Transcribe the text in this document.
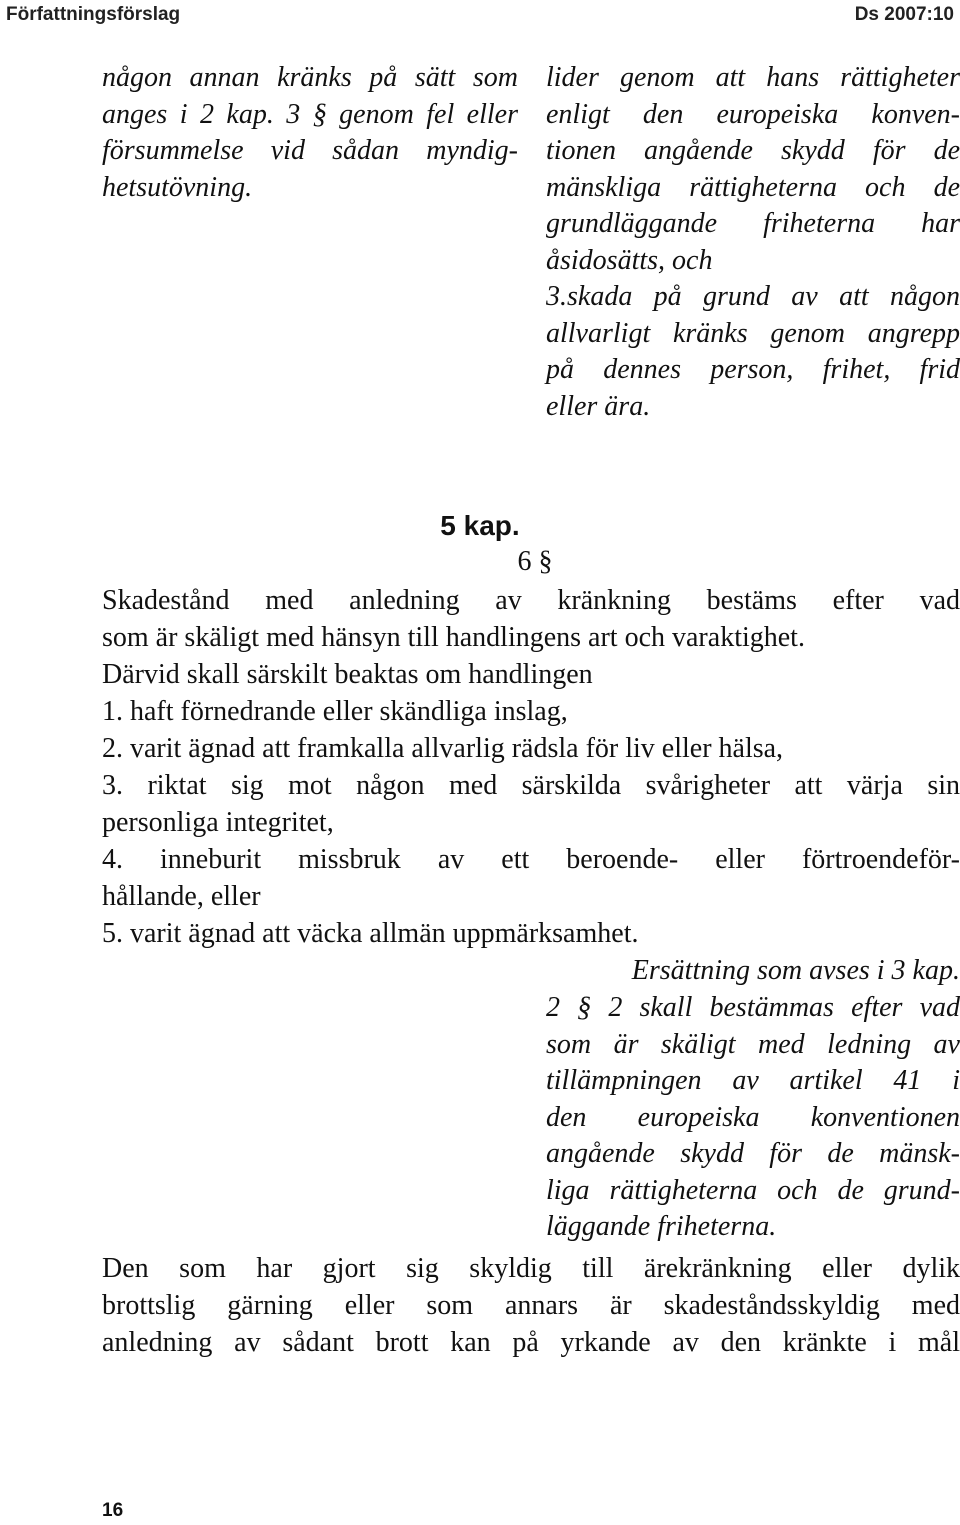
Författningsförslag	Ds 2007:10

någon annan kränks på sätt som

anges i 2 kap. 3 § genom fel eller

försummelse vid sådan myndig-

hetsutövning.

lider genom att hans rättigheter

enligt den europeiska konven-

tionen angående skydd för de

mänskliga rättigheterna och de

grundläggande friheterna har

åsidosätts, och

3.skada på grund av att någon

allvarligt kränks genom angrepp

på dennes person, frihet, frid

eller ära.

5 kap.
6 §

Skadestånd med anledning av kränkning bestäms efter vad

som är skäligt med hänsyn till handlingens art och varaktighet.

Därvid skall särskilt beaktas om handlingen

1. haft förnedrande eller skändliga inslag,

2. varit ägnad att framkalla allvarlig rädsla för liv eller hälsa,

3. riktat sig mot någon med särskilda svårigheter att värja sin

personliga integritet,

4. inneburit missbruk av ett beroende- eller förtroendeför-

hållande, eller

5. varit ägnad att väcka allmän uppmärksamhet.

Ersättning som avses i 3 kap.

2 § 2 skall bestämmas efter vad

som är skäligt med ledning av

tillämpningen av artikel 41 i

den europeiska konventionen

angående skydd för de mänsk-

liga rättigheterna och de grund-

läggande friheterna.

Den som har gjort sig skyldig till ärekränkning eller dylik

brottslig gärning eller som annars är skadeståndsskyldig med

anledning av sådant brott kan på yrkande av den kränkte i mål

16
